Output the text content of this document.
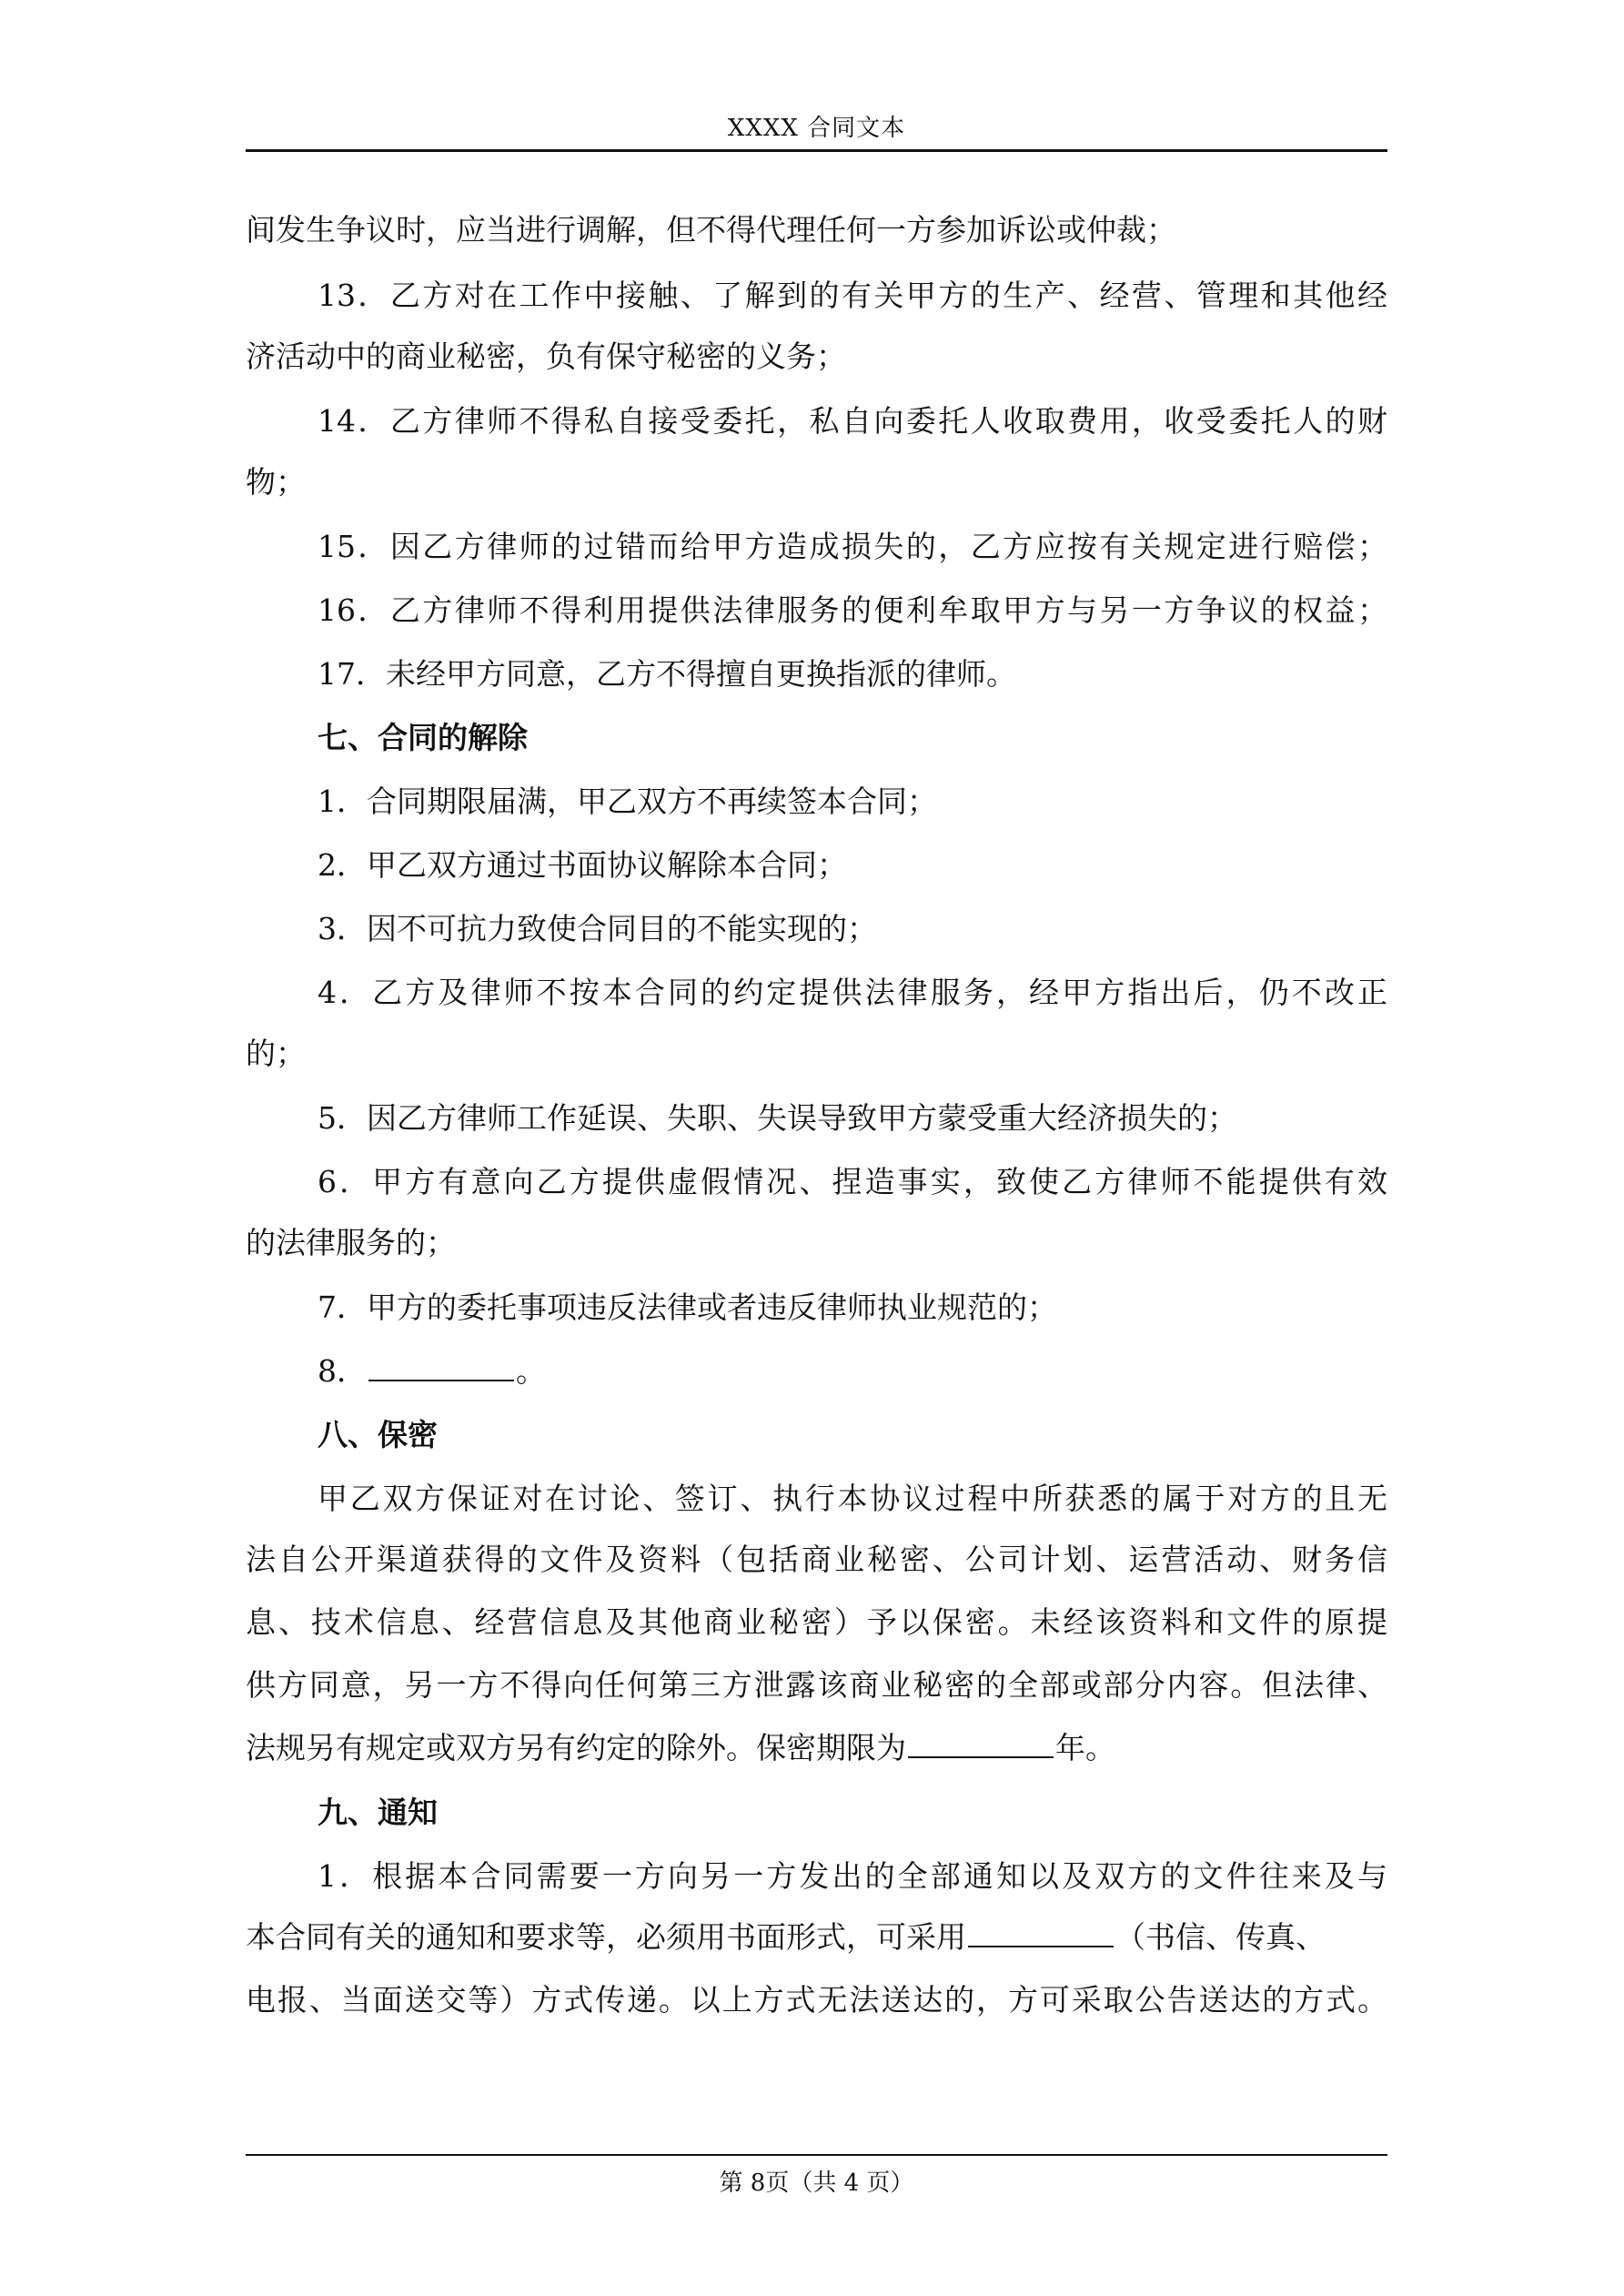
XXXX 合同文本
间发生争议时，应当进行调解，但不得代理任何一方参加诉讼或仲裁；
13．乙方对在工作中接触、了解到的有关甲方的生产、经营、管理和其他经
济活动中的商业秘密，负有保守秘密的义务；
14．乙方律师不得私自接受委托，私自向委托人收取费用，收受委托人的财
物；
15．因乙方律师的过错而给甲方造成损失的，乙方应按有关规定进行赔偿；
16．乙方律师不得利用提供法律服务的便利牟取甲方与另一方争议的权益；
17．未经甲方同意，乙方不得擅自更换指派的律师。
七、合同的解除
1．合同期限届满，甲乙双方不再续签本合同；
2．甲乙双方通过书面协议解除本合同；
3．因不可抗力致使合同目的不能实现的；
4．乙方及律师不按本合同的约定提供法律服务，经甲方指出后，仍不改正
的；
5．因乙方律师工作延误、失职、失误导致甲方蒙受重大经济损失的；
6．甲方有意向乙方提供虚假情况、捏造事实，致使乙方律师不能提供有效
的法律服务的；
7．甲方的委托事项违反法律或者违反律师执业规范的；
8．	。
八、保密
甲乙双方保证对在讨论、签订、执行本协议过程中所获悉的属于对方的且无
法自公开渠道获得的文件及资料（包括商业秘密、公司计划、运营活动、财务信
息、技术信息、经营信息及其他商业秘密）予以保密。未经该资料和文件的原提
供方同意，另一方不得向任何第三方泄露该商业秘密的全部或部分内容。但法律、
法规另有规定或双方另有约定的除外。保密期限为	年。
九、通知
1．根据本合同需要一方向另一方发出的全部通知以及双方的文件往来及与
本合同有关的通知和要求等，必须用书面形式，可采用	（书信、传真、
电报、当面送交等）方式传递。以上方式无法送达的，方可采取公告送达的方式。
第 8页（共 4 页）
